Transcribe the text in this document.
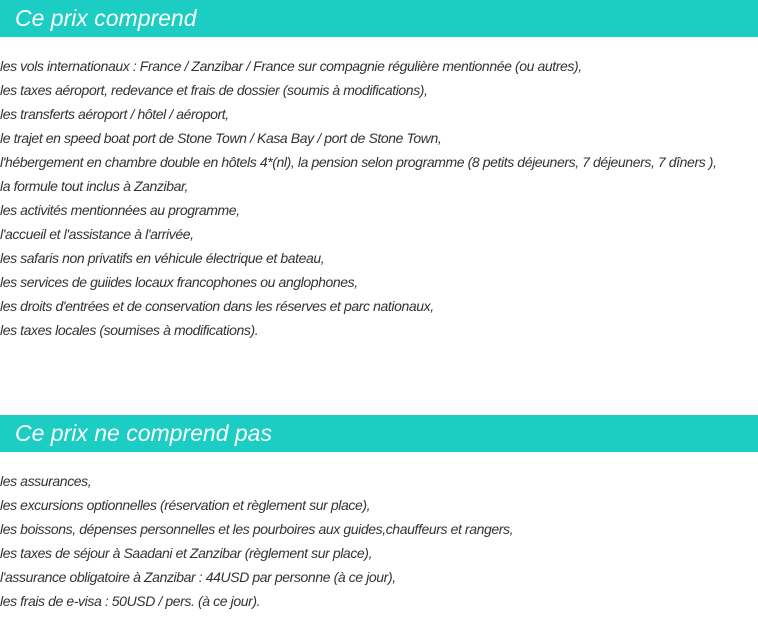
Ce prix comprend
les vols internationaux : France / Zanzibar / France sur compagnie régulière mentionnée (ou autres),
les taxes aéroport, redevance et frais de dossier (soumis à modifications),
les transferts aéroport / hôtel / aéroport,
le trajet en speed boat port de Stone Town / Kasa Bay / port de Stone Town,
l'hébergement en chambre double en hôtels 4*(nl), la pension selon programme (8 petits déjeuners, 7 déjeuners, 7 dîners ),
la formule tout inclus à Zanzibar,
les activités mentionnées au programme,
l'accueil et l'assistance à l'arrivée,
les safaris non privatifs en véhicule électrique et bateau,
les services de guiides locaux francophones ou anglophones,
les droits d'entrées et de conservation dans les réserves et parc nationaux,
les taxes locales (soumises à modifications).
Ce prix ne comprend pas
les assurances,
les excursions optionnelles (réservation et règlement sur place),
les boissons, dépenses personnelles et les pourboires aux guides,chauffeurs et rangers,
les taxes de séjour à Saadani et Zanzibar (règlement sur place),
l'assurance obligatoire à Zanzibar : 44USD par personne (à ce jour),
les frais de e-visa : 50USD / pers. (à ce jour).
